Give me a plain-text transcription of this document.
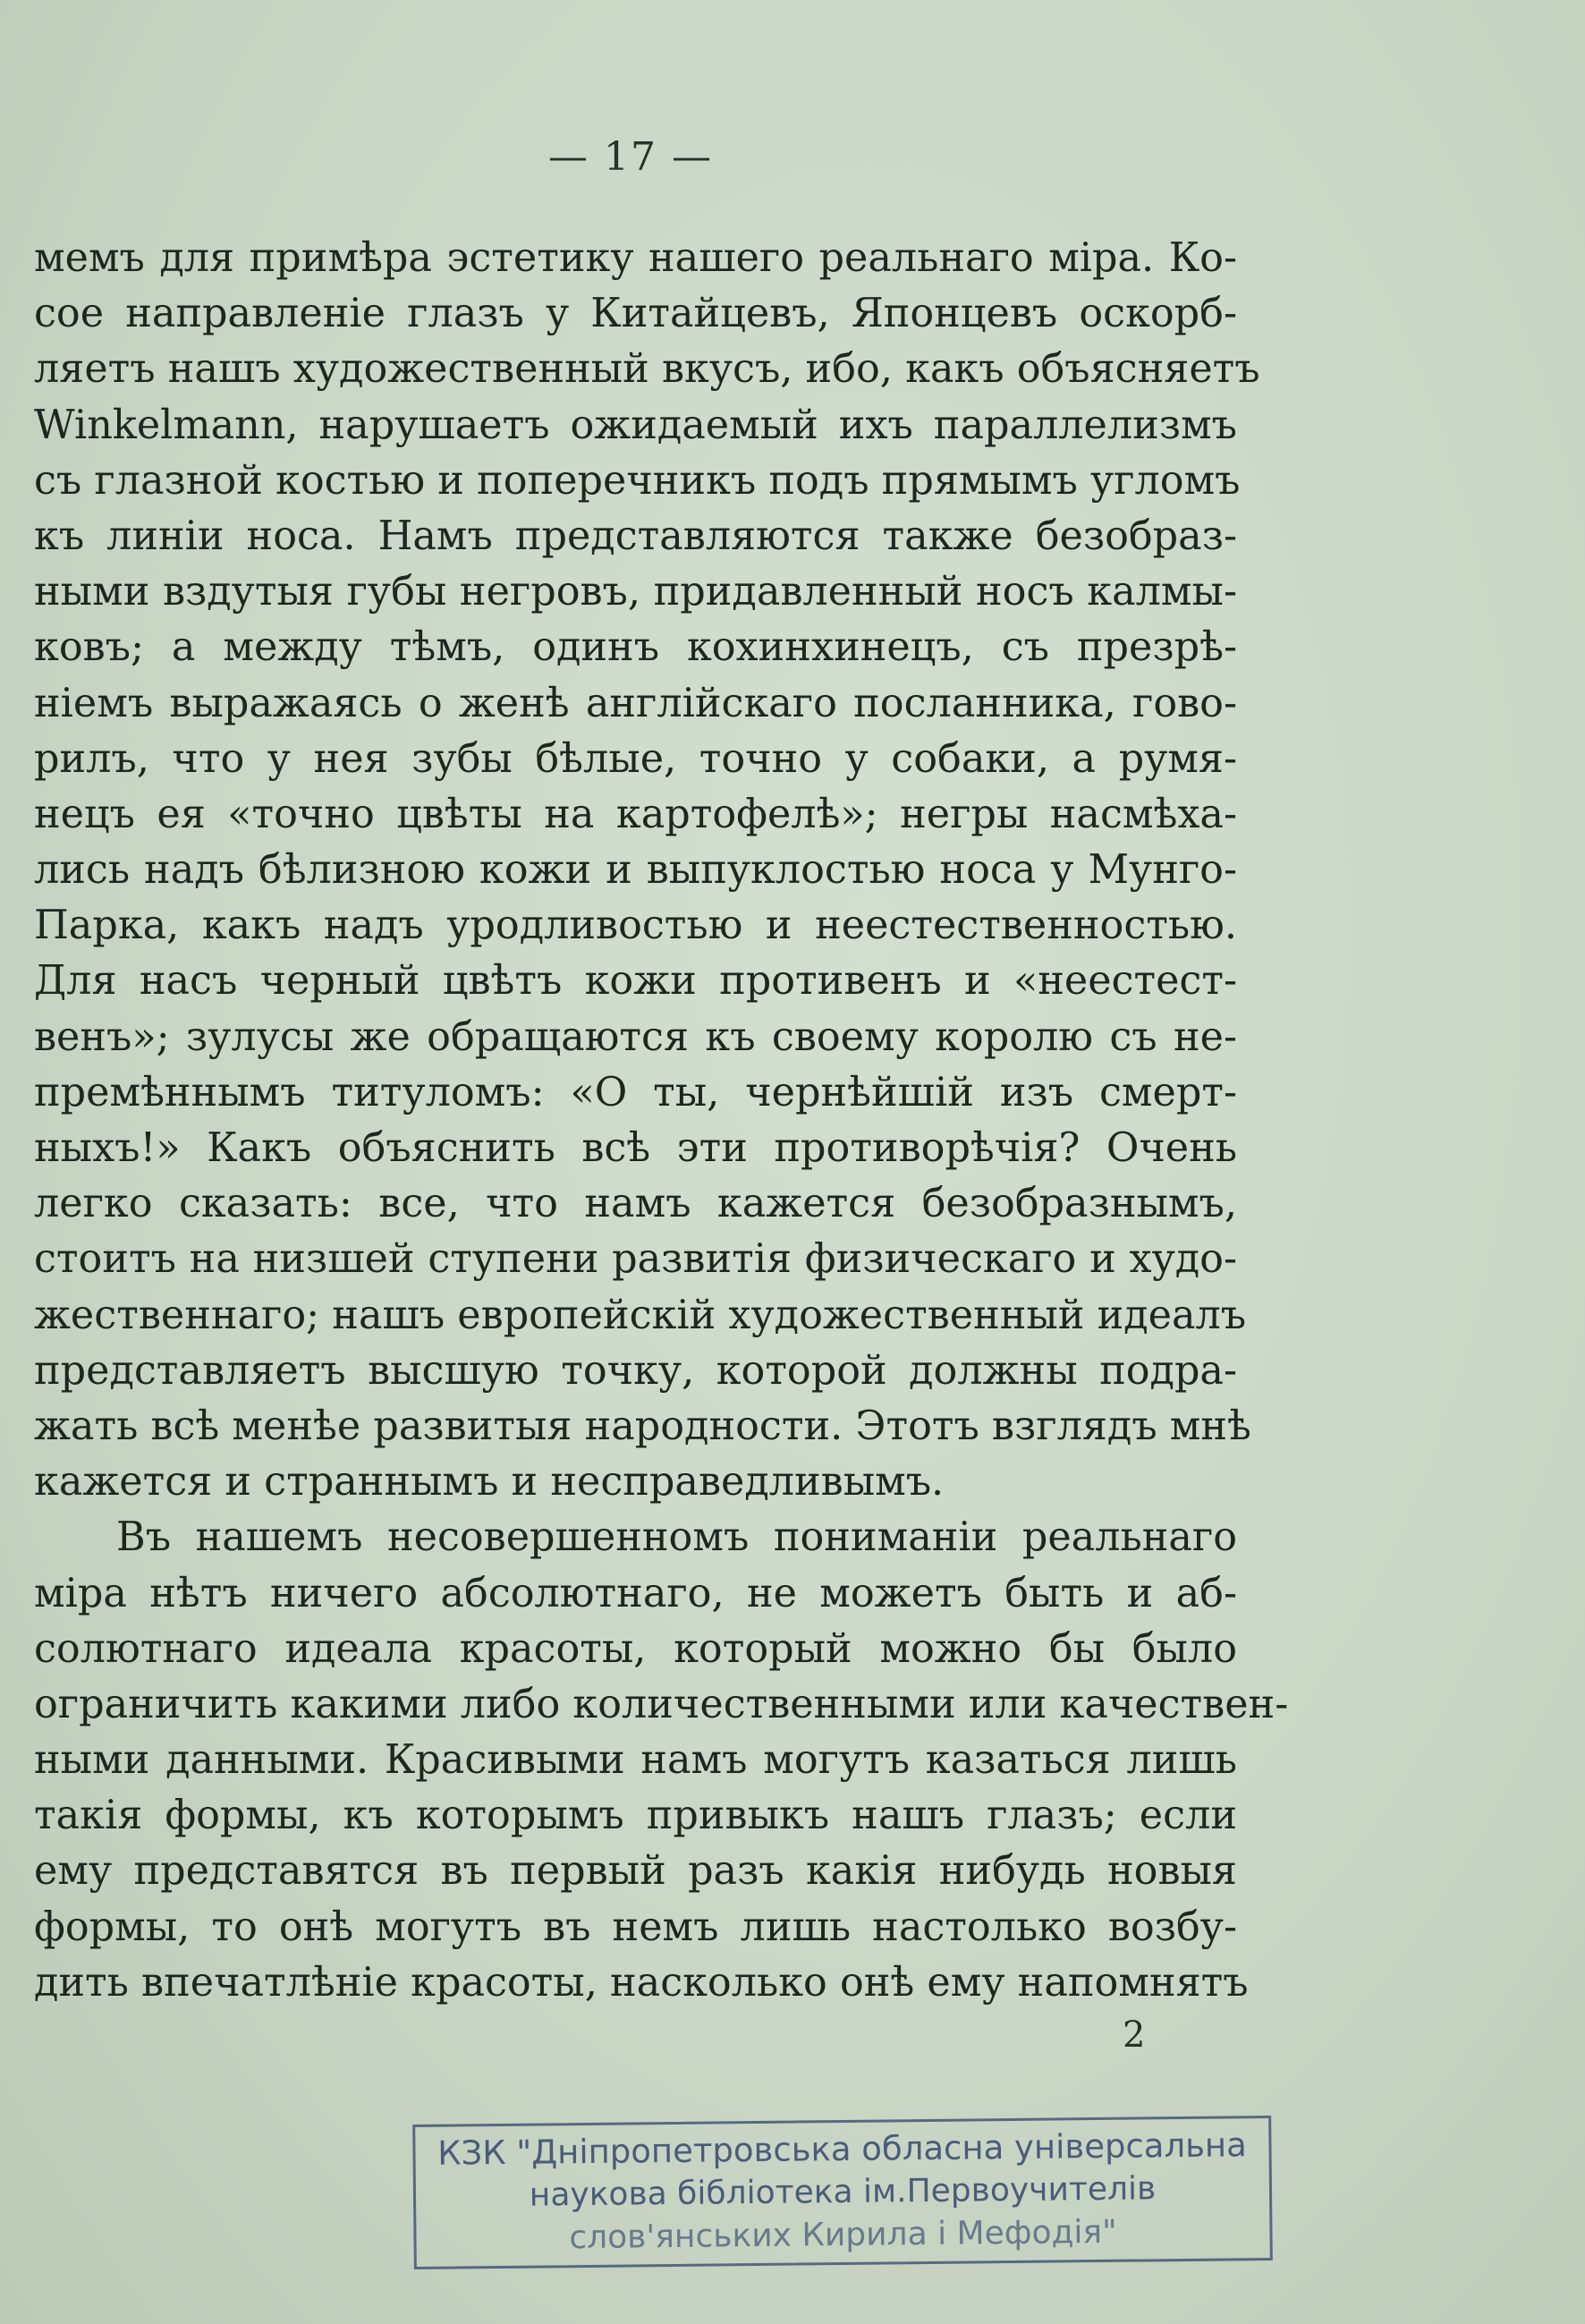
— 17 —
мемъ для примѣра эстетику нашего реальнаго міра. Ко-
сое направленіе глазъ у Китайцевъ, Японцевъ оскорб-
ляетъ нашъ художественный вкусъ, ибо, какъ объясняетъ
Winkelmann, нарушаетъ ожидаемый ихъ параллелизмъ
съ глазной костью и поперечникъ подъ прямымъ угломъ
къ линіи носа. Намъ представляются также безобраз-
ными вздутыя губы негровъ, придавленный носъ калмы-
ковъ; а между тѣмъ, одинъ кохинхинецъ, съ презрѣ-
ніемъ выражаясь о женѣ англійскаго посланника, гово-
рилъ, что у нея зубы бѣлые, точно у собаки, а румя-
нецъ ея «точно цвѣты на картофелѣ»; негры насмѣха-
лись надъ бѣлизною кожи и выпуклостью носа у Мунго-
Парка, какъ надъ уродливостью и неестественностью.
Для насъ черный цвѣтъ кожи противенъ и «неестест-
венъ»; зулусы же обращаются къ своему королю съ не-
премѣннымъ титуломъ: «О ты, чернѣйшій изъ смерт-
ныхъ!» Какъ объяснить всѣ эти противорѣчія? Очень
легко сказать: все, что намъ кажется безобразнымъ,
стоитъ на низшей ступени развитія физическаго и худо-
жественнаго; нашъ европейскій художественный идеалъ
представляетъ высшую точку, которой должны подра-
жать всѣ менѣе развитыя народности. Этотъ взглядъ мнѣ
кажется и страннымъ и несправедливымъ.
Въ нашемъ несовершенномъ пониманіи реальнаго
міра нѣтъ ничего абсолютнаго, не можетъ быть и аб-
солютнаго идеала красоты, который можно бы было
ограничить какими либо количественными или качествен-
ными данными. Красивыми намъ могутъ казаться лишь
такія формы, къ которымъ привыкъ нашъ глазъ; если
ему представятся въ первый разъ какія нибудь новыя
формы, то онѣ могутъ въ немъ лишь настолько возбу-
дить впечатлѣніе красоты, насколько онѣ ему напомнятъ
2
КЗК "Дніпропетровська обласна універсальна
наукова бібліотека ім.Первоучителів
слов'янських Кирила і Мефодія"
